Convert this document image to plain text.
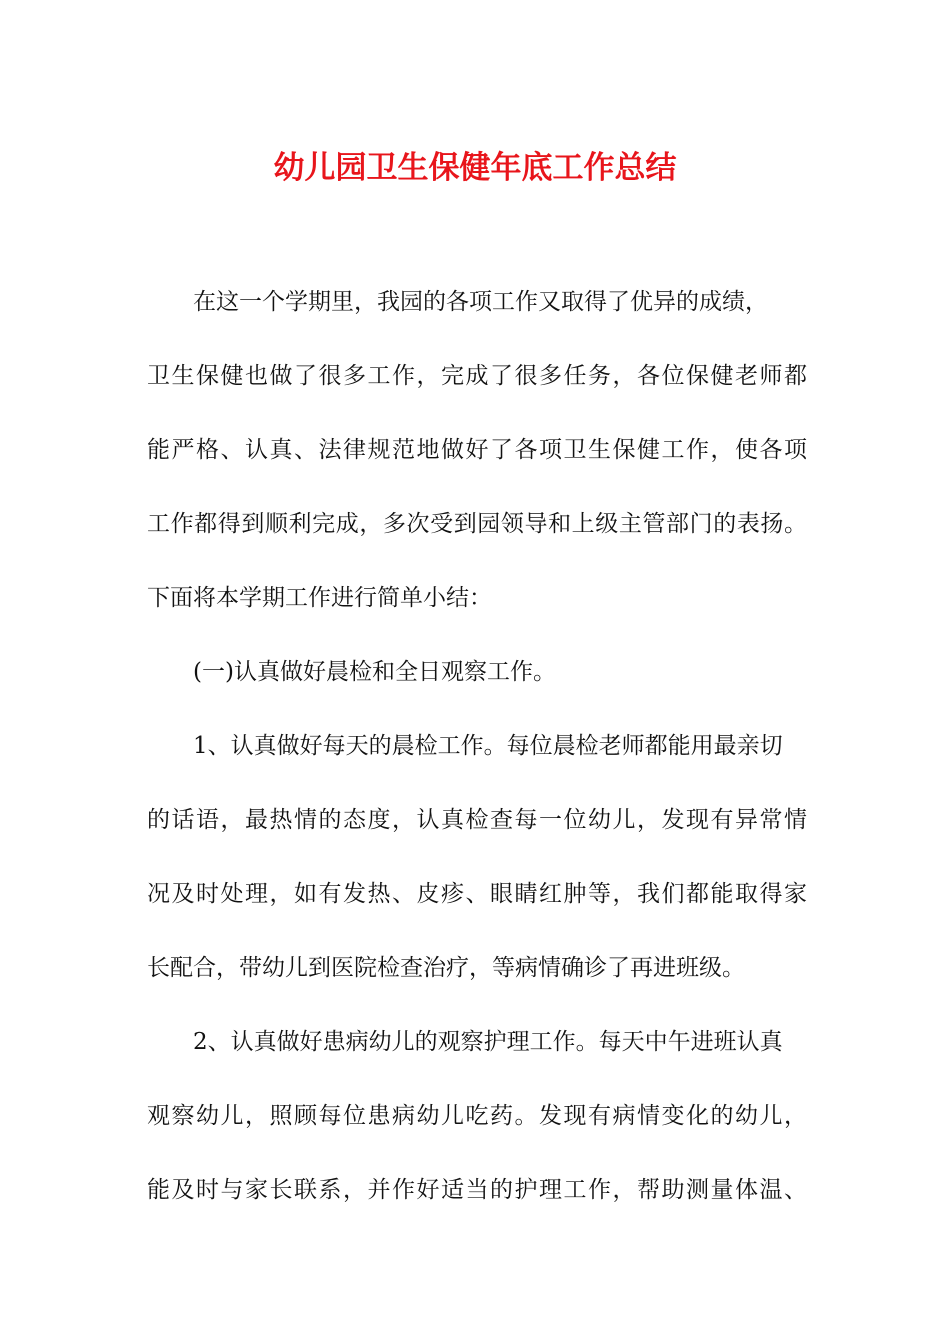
幼儿园卫生保健年底工作总结
在这一个学期里，我园的各项工作又取得了优异的成绩，
卫生保健也做了很多工作，完成了很多任务，各位保健老师都
能严格、认真、法律规范地做好了各项卫生保健工作，使各项
工作都得到顺利完成，多次受到园领导和上级主管部门的表扬。
下面将本学期工作进行简单小结：
(一)认真做好晨检和全日观察工作。
1、认真做好每天的晨检工作。每位晨检老师都能用最亲切
的话语，最热情的态度，认真检查每一位幼儿，发现有异常情
况及时处理，如有发热、皮疹、眼睛红肿等，我们都能取得家
长配合，带幼儿到医院检查治疗，等病情确诊了再进班级。
2、认真做好患病幼儿的观察护理工作。每天中午进班认真
观察幼儿，照顾每位患病幼儿吃药。发现有病情变化的幼儿，
能及时与家长联系，并作好适当的护理工作，帮助测量体温、
